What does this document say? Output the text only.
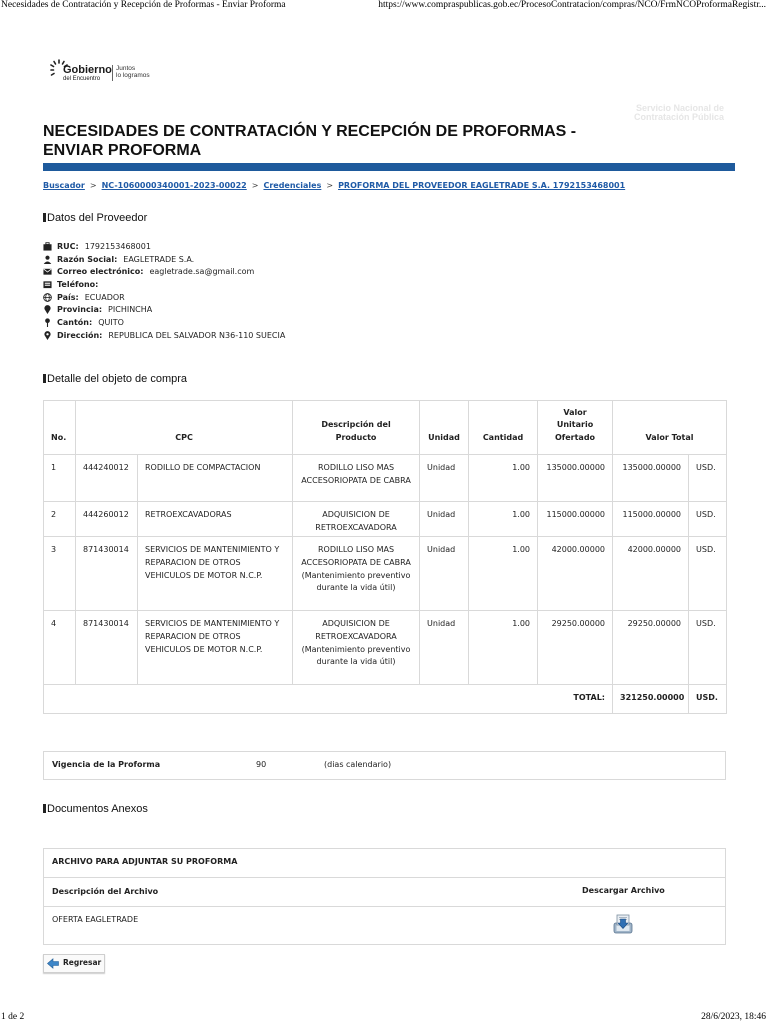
Necesidades de Contratación y Recepción de Proformas - Enviar Proforma	https://www.compraspublicas.gob.ec/ProcesoContratacion/compras/NCO/FrmNCOProformaRegistr...
Gobierno
del Encuentro
Juntos
lo logramos
Servicio Nacional de
Contratación Pública
NECESIDADES DE CONTRATACIÓN Y RECEPCIÓN DE PROFORMAS - ENVIAR PROFORMA
Buscador > NC-1060000340001-2023-00022 > Credenciales > PROFORMA DEL PROVEEDOR EAGLETRADE S.A. 1792153468001
Datos del Proveedor
RUC: 1792153468001
Razón Social: EAGLETRADE S.A.
Correo electrónico: eagletrade.sa@gmail.com
Teléfono:
País: ECUADOR
Provincia: PICHINCHA
Cantón: QUITO
Dirección: REPUBLICA DEL SALVADOR N36-110 SUECIA
Detalle del objeto de compra
No.	CPC		Descripción del Producto	Unidad	Cantidad	Valor Unitario Ofertado	Valor Total	
1	444240012	RODILLO DE COMPACTACION	RODILLO LISO MAS ACCESORIOPATA DE CABRA	Unidad	1.00	135000.00000	135000.00000	USD.
2	444260012	RETROEXCAVADORAS	ADQUISICION DE RETROEXCAVADORA	Unidad	1.00	115000.00000	115000.00000	USD.
3	871430014	SERVICIOS DE MANTENIMIENTO Y REPARACION DE OTROS VEHICULOS DE MOTOR N.C.P.	RODILLO LISO MAS ACCESORIOPATA DE CABRA (Mantenimiento preventivo durante la vida útil)	Unidad	1.00	42000.00000	42000.00000	USD.
4	871430014	SERVICIOS DE MANTENIMIENTO Y REPARACION DE OTROS VEHICULOS DE MOTOR N.C.P.	ADQUISICION DE RETROEXCAVADORA (Mantenimiento preventivo durante la vida útil)	Unidad	1.00	29250.00000	29250.00000	USD.
TOTAL:							321250.00000	USD.
Vigencia de la Proforma	90	(dias calendario)
Documentos Anexos
ARCHIVO PARA ADJUNTAR SU PROFORMA
Descripción del Archivo	Descargar Archivo
OFERTA EAGLETRADE
Regresar
1 de 2	28/6/2023, 18:46
